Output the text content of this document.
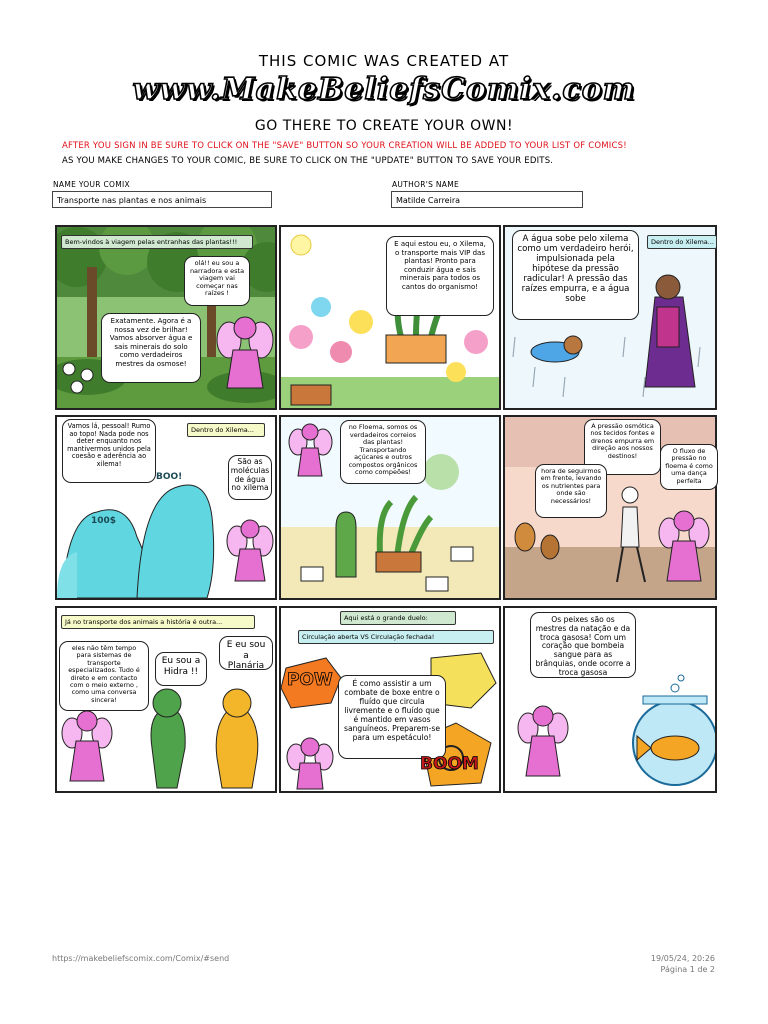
THIS COMIC WAS CREATED AT
www.MakeBeliefsComix.com
GO THERE TO CREATE YOUR OWN!
AFTER YOU SIGN IN BE SURE TO CLICK ON THE "SAVE" BUTTON SO YOUR CREATION WILL BE ADDED TO YOUR LIST OF COMICS!
AS YOU MAKE CHANGES TO YOUR COMIC, BE SURE TO CLICK ON THE "UPDATE" BUTTON TO SAVE YOUR EDITS.
NAME YOUR COMIX
Transporte nas plantas e nos animais
AUTHOR'S NAME
Matilde Carreira
Bem-vindos à viagem pelas entranhas das plantas!!!
olá!! eu sou a narradora e esta viagem vai começar nas raízes !
Exatamente. Agora é a nossa vez de brilhar! Vamos absorver água e sais minerais do solo como verdadeiros mestres da osmose!
E aqui estou eu, o Xilema, o transporte mais VIP das plantas! Pronto para conduzir água e sais minerais para todos os cantos do organismo!
Dentro do Xilema...
A água sobe pelo xilema como um verdadeiro herói, impulsionada pela hipótese da pressão radicular! A pressão das raízes empurra, e a água sobe
Vamos lá, pessoal! Rumo ao topo! Nada pode nos deter enquanto nos mantivermos unidos pela coesão e aderência ao xilema!
Dentro do Xilema...
São as moléculas de água no xilema
100$
BOO!
no Floema, somos os verdadeiros correios das plantas! Transportando açúcares e outros compostos orgânicos como compeões!
A pressão osmótica nos tecidos fontes e drenos empurra em direção aos nossos destinos!
hora de seguirmos em frente, levando os nutrientes para onde são necessários!
O fluxo de pressão no floema é como uma dança perfeita
Já no transporte dos animais a história é outra...
eles não têm tempo para sistemas de transporte especializados. Tudo é direto e em contacto com o meio externo , como uma conversa sincera!
Eu sou a Hidra !!
E eu sou a Planária
Aqui está o grande duelo:
Circulação aberta VS Circulação fechada!
É como assistir a um combate de boxe entre o fluído que circula livremente e o fluído que é mantido em vasos sanguíneos. Preparem-se para um espetáculo!
POW
BOOM
Os peixes são os mestres da natação e da troca gasosa! Com um coração que bombeia sangue para as brânquias, onde ocorre a troca gasosa
https://makebeliefscomix.com/Comix/#send	19/05/24, 20:26
Página 1 de 2
